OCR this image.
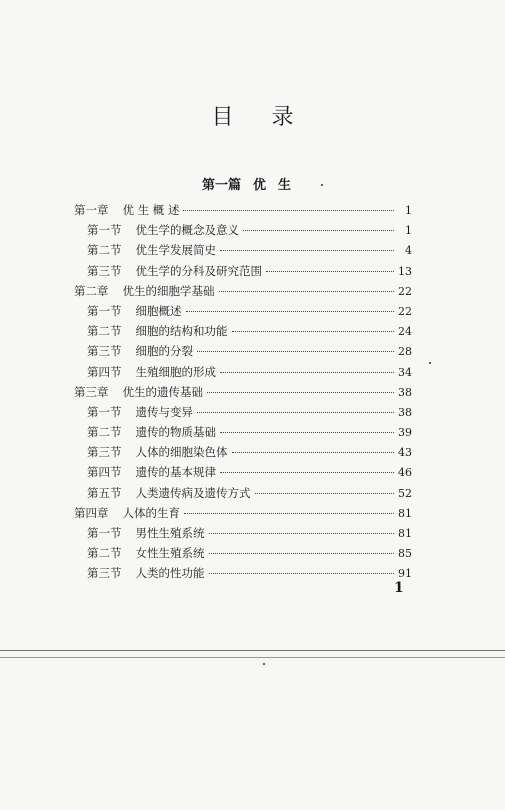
目录
第一篇 优生
第一章 优 生 概 述	1
第一节 优生学的概念及意义	1
第二节 优生学发展简史	4
第三节 优生学的分科及研究范围	13
第二章 优生的细胞学基础	22
第一节 细胞概述	22
第二节 细胞的结构和功能	24
第三节 细胞的分裂	28
第四节 生殖细胞的形成	34
第三章 优生的遗传基础	38
第一节 遗传与变异	38
第二节 遗传的物质基础	39
第三节 人体的细胞染色体	43
第四节 遗传的基本规律	46
第五节 人类遗传病及遗传方式	52
第四章 人体的生育	81
第一节 男性生殖系统	81
第二节 女性生殖系统	85
第三节 人类的性功能	91
1
